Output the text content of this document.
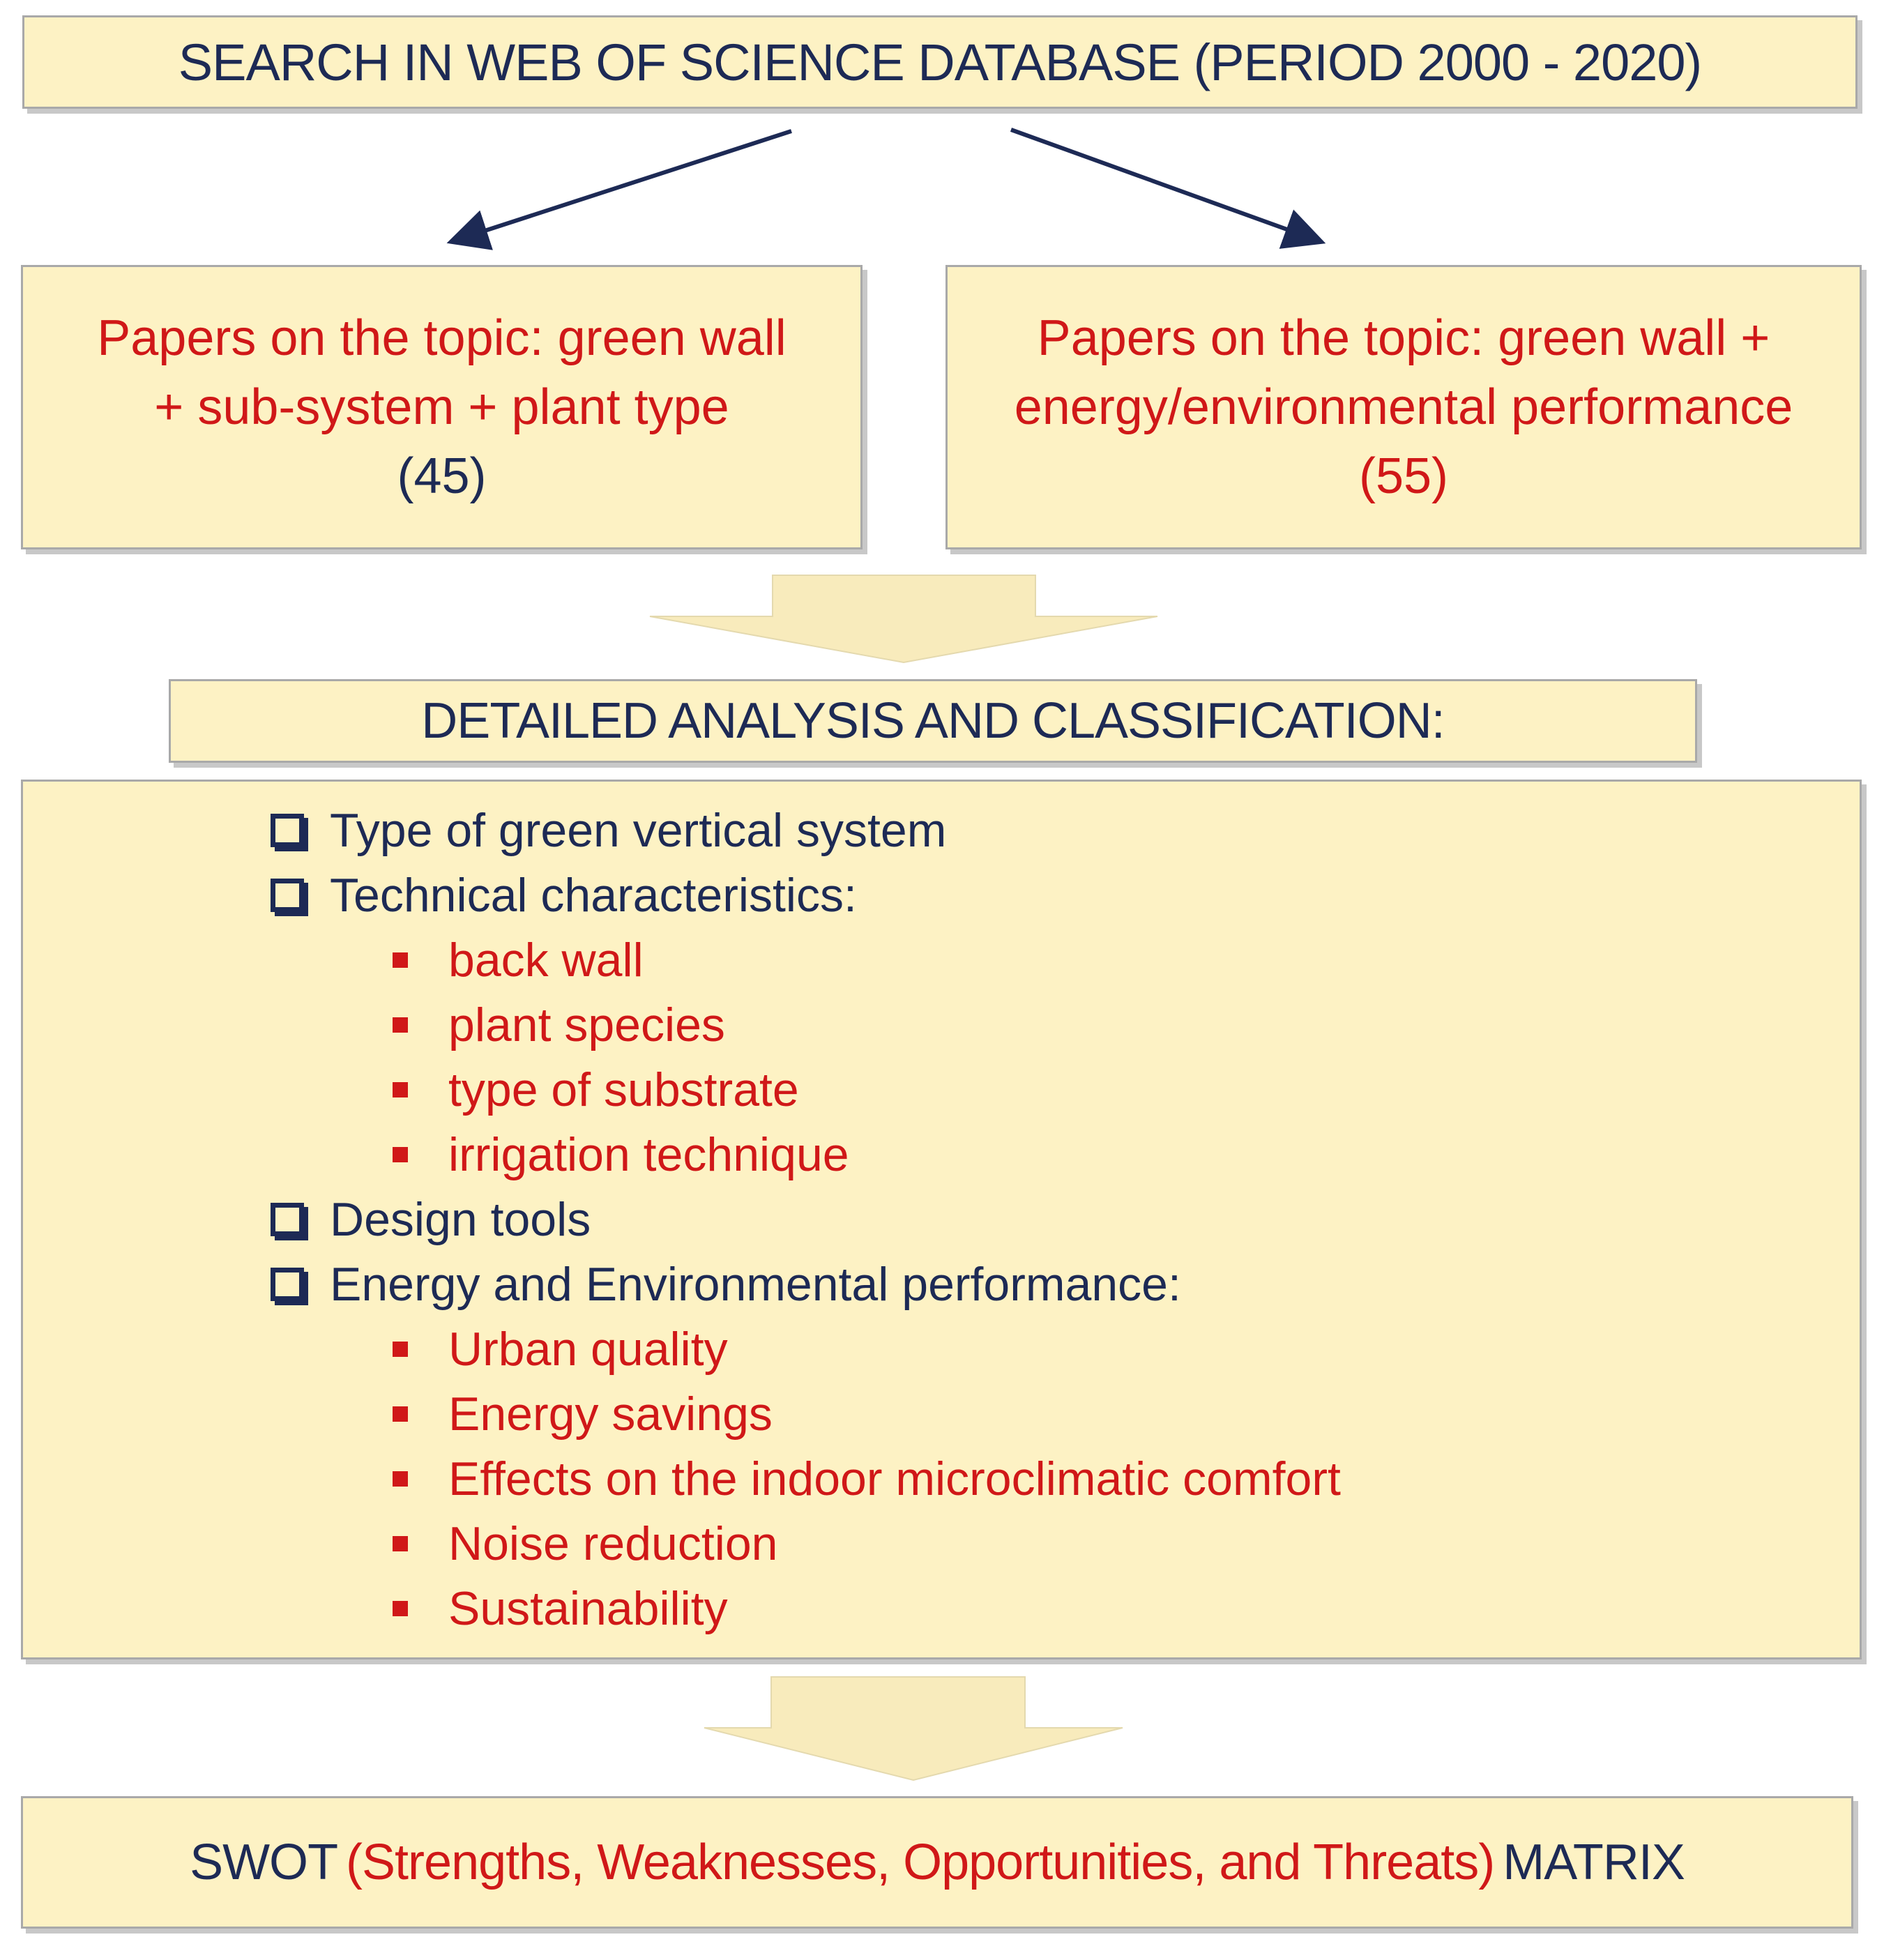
SEARCH IN WEB OF SCIENCE DATABASE (PERIOD 2000 - 2020)
Papers on the topic: green wall
+ sub-system + plant type
(45)
Papers on the topic: green wall +
energy/environmental performance
(55)
DETAILED ANALYSIS AND CLASSIFICATION:
Type of green vertical system
Technical characteristics:
back wall
plant species
type of substrate
irrigation technique
Design tools
Energy and Environmental performance:
Urban quality
Energy savings
Effects on the indoor microclimatic comfort
Noise reduction
Sustainability
SWOT (Strengths, Weaknesses, Opportunities, and Threats) MATRIX
